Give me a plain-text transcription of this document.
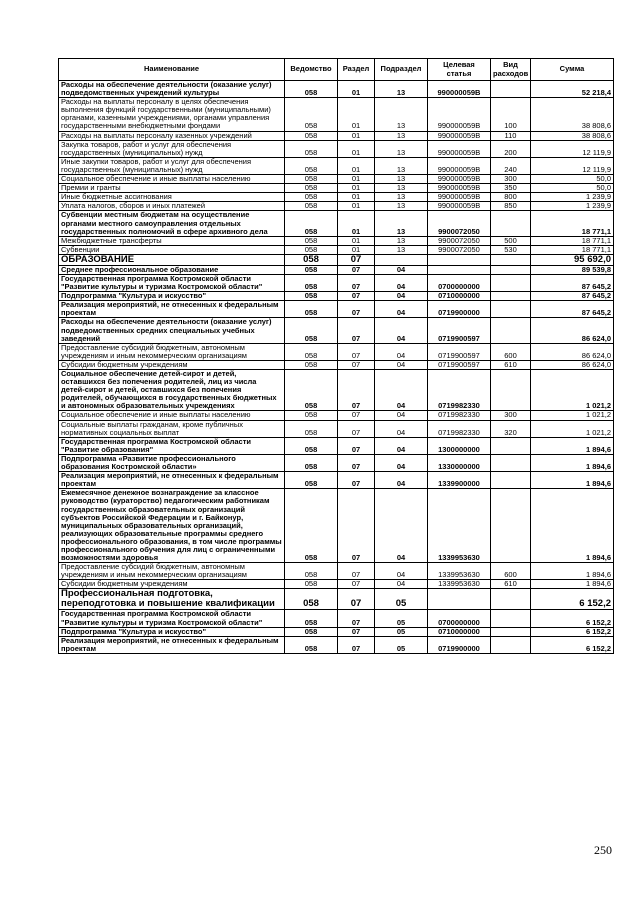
Наименование	Ведомство	Раздел	Подраздел	Целевая статья	Вид расходов	Сумма
Расходы на обеспечение деятельности (оказание услуг) подведомственных учреждений культуры	058	01	13	990000059В		52 218,4
Расходы на выплаты персоналу в целях обеспечения выполнения функций государственными (муниципальными) органами, казенными учреждениями, органами управления государственными внебюджетными фондами	058	01	13	990000059В	100	38 808,6
Расходы на выплаты персоналу казенных учреждений	058	01	13	990000059В	110	38 808,6
Закупка товаров, работ и услуг для обеспечения государственных (муниципальных) нужд	058	01	13	990000059В	200	12 119,9
Иные закупки товаров, работ и услуг для обеспечения государственных (муниципальных) нужд	058	01	13	990000059В	240	12 119,9
Социальное обеспечение и иные выплаты населению	058	01	13	990000059В	300	50,0
Премии и гранты	058	01	13	990000059В	350	50,0
Иные бюджетные ассигнования	058	01	13	990000059В	800	1 239,9
Уплата налогов, сборов и иных платежей	058	01	13	990000059В	850	1 239,9
Субвенции местным бюджетам на осуществление органами местного самоуправления отдельных государственных полномочий в сфере архивного дела	058	01	13	9900072050		18 771,1
Межбюджетные трансферты	058	01	13	9900072050	500	18 771,1
Субвенции	058	01	13	9900072050	530	18 771,1
ОБРАЗОВАНИЕ	058	07				95 692,0
Среднее профессиональное образование	058	07	04			89 539,8
Государственная программа Костромской области "Развитие культуры и туризма Костромской области"	058	07	04	0700000000		87 645,2
Подпрограмма "Культура и искусство"	058	07	04	0710000000		87 645,2
Реализация мероприятий, не отнесенных к федеральным проектам	058	07	04	0719900000		87 645,2
Расходы на обеспечение деятельности (оказание услуг) подведомственных средних специальных учебных заведений	058	07	04	0719900597		86 624,0
Предоставление субсидий бюджетным, автономным учреждениям и иным некоммерческим организациям	058	07	04	0719900597	600	86 624,0
Субсидии бюджетным учреждениям	058	07	04	0719900597	610	86 624,0
Социальное обеспечение детей-сирот и детей, оставшихся без попечения родителей, лиц из числа детей-сирот и детей, оставшихся без попечения родителей, обучающихся в государственных бюджетных и автономных образовательных учреждениях	058	07	04	0719982330		1 021,2
Социальное обеспечение и иные выплаты населению	058	07	04	0719982330	300	1 021,2
Социальные выплаты гражданам, кроме публичных нормативных социальных выплат	058	07	04	0719982330	320	1 021,2
Государственная программа Костромской области "Развитие образования"	058	07	04	1300000000		1 894,6
Подпрограмма «Развитие профессионального образования Костромской области»	058	07	04	1330000000		1 894,6
Реализация мероприятий, не отнесенных к федеральным проектам	058	07	04	1339900000		1 894,6
Ежемесячное денежное вознаграждение за классное руководство (кураторство) педагогическим работникам государственных образовательных организаций субъектов Российской Федерации и г. Байконур, муниципальных образовательных организаций, реализующих образовательные программы среднего профессионального образования, в том числе программы профессионального обучения для лиц с ограниченными возможностями здоровья	058	07	04	1339953630		1 894,6
Предоставление субсидий бюджетным, автономным учреждениям и иным некоммерческим организациям	058	07	04	1339953630	600	1 894,6
Субсидии бюджетным учреждениям	058	07	04	1339953630	610	1 894,6
Профессиональная подготовка, переподготовка и повышение квалификации	058	07	05			6 152,2
Государственная программа Костромской области "Развитие культуры и туризма Костромской области"	058	07	05	0700000000		6 152,2
Подпрограмма "Культура и искусство"	058	07	05	0710000000		6 152,2
Реализация мероприятий, не отнесенных к федеральным проектам	058	07	05	0719900000		6 152,2
250
